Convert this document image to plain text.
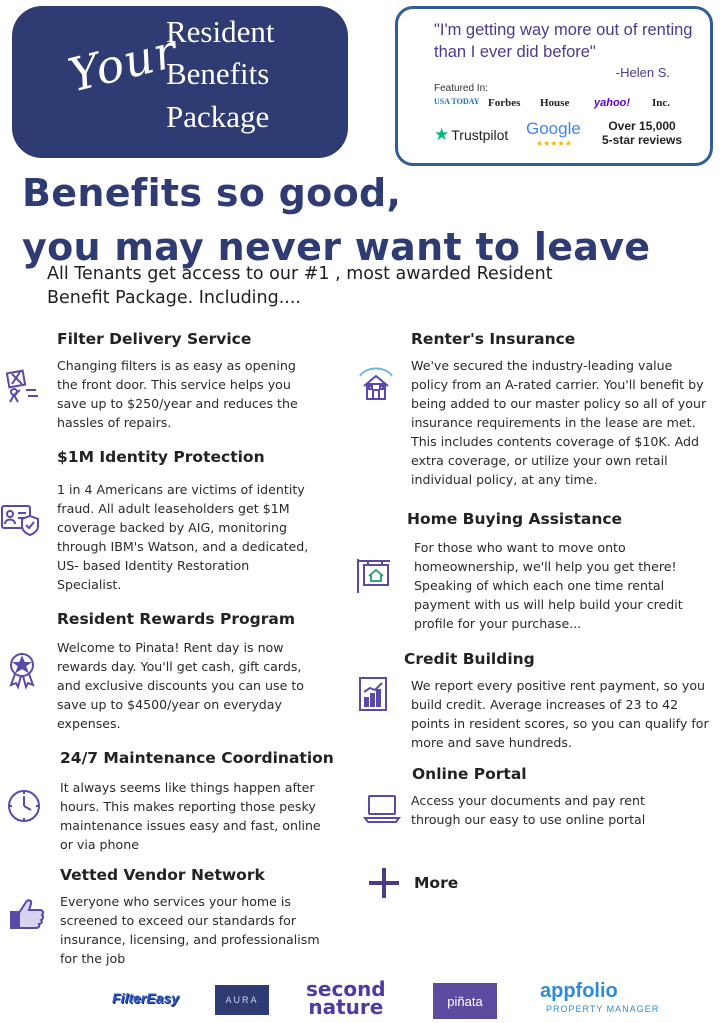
Your
Resident
Benefits
Package
"I'm getting way more out of renting than I ever did before"
-Helen S.
Featured In:
USA TODAY Forbes House yahoo! Inc.
★ Trustpilot Google
★★★★★
Over 15,000
5-star reviews
Benefits so good,
you may never want to leave
All Tenants get access to our #1 , most awarded Resident
Benefit Package. Including....
Filter Delivery Service
Changing filters is as easy as opening the front door. This service helps you save up to $250/year and reduces the hassles of repairs.
$1M Identity Protection
1 in 4 Americans are victims of identity fraud. All adult leaseholders get $1M coverage backed by AIG, monitoring through IBM's Watson, and a dedicated, US- based Identity Restoration Specialist.
Resident Rewards Program
Welcome to Pinata! Rent day is now rewards day. You'll get cash, gift cards, and exclusive discounts you can use to save up to $4500/year on everyday expenses.
24/7 Maintenance Coordination
It always seems like things happen after hours. This makes reporting those pesky maintenance issues easy and fast, online or via phone
Vetted Vendor Network
Everyone who services your home is screened to exceed our standards for insurance, licensing, and professionalism for the job
Renter's Insurance
We've secured the industry-leading value policy from an A-rated carrier. You'll benefit by being added to our master policy so all of your insurance requirements in the lease are met. This includes contents coverage of $10K. Add extra coverage, or utilize your own retail individual policy, at any time.
Home Buying Assistance
For those who want to move onto homeownership, we'll help you get there! Speaking of which each one time rental payment with us will help build your credit profile for your purchase...
Credit Building
We report every positive rent payment, so you build credit. Average increases of 23 to 42 points in resident scores, so you can qualify for more and save hundreds.
Online Portal
Access your documents and pay rent through our easy to use online portal
More
FilterEasy	AURA	second
nature	piñata	appfolio
PROPERTY MANAGER
